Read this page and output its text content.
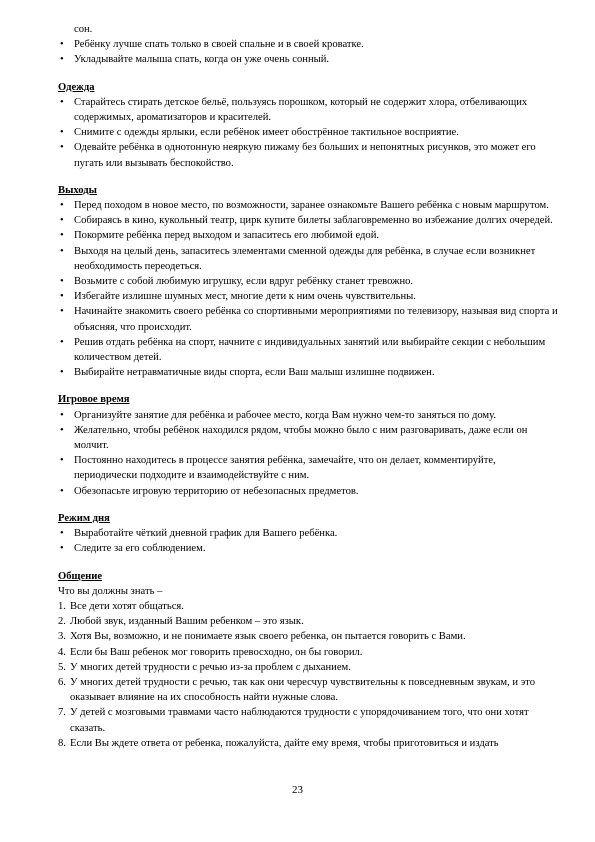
сон.
• Ребёнку лучше спать только в своей спальне и в своей кроватке.
• Укладывайте малыша спать, когда он уже очень сонный.
Одежда
• Старайтесь стирать детское бельё, пользуясь порошком, который не содержит хлора, отбеливающих содержимых, ароматизаторов и красителей.
• Снимите с одежды ярлыки, если ребёнок имеет обострённое тактильное восприятие.
• Одевайте ребёнка в однотонную неяркую пижаму без больших и непонятных рисунков, это может его пугать или вызывать беспокойство.
Выходы
• Перед походом в новое место, по возможности, заранее ознакомьте Вашего ребёнка с новым маршрутом.
• Собираясь в кино, кукольный театр, цирк купите билеты заблаговременно во избежание долгих очередей.
• Покормите ребёнка перед выходом и запаситесь его любимой едой.
• Выходя на целый день, запаситесь элементами сменной одежды для ребёнка, в случае если возникнет необходимость переодеться.
• Возьмите с собой любимую игрушку, если вдруг ребёнку станет тревожно.
• Избегайте излишне шумных мест, многие дети к ним очень чувствительны.
• Начинайте знакомить своего ребёнка со спортивными мероприятиями по телевизору, называя вид спорта и объясняя, что происходит.
• Решив отдать ребёнка на спорт, начните с индивидуальных занятий или выбирайте секции с небольшим количеством детей.
• Выбирайте нетравматичные виды спорта, если Ваш малыш излишне подвижен.
Игровое время
• Организуйте занятие для ребёнка и рабочее место, когда Вам нужно чем-то заняться по дому.
• Желательно, чтобы ребёнок находился рядом, чтобы можно было с ним разговаривать, даже если он молчит.
• Постоянно находитесь в процессе занятия ребёнка, замечайте, что он делает, комментируйте, периодически подходите и взаимодействуйте с ним.
• Обезопасьте игровую территорию от небезопасных предметов.
Режим дня
• Выработайте чёткий дневной график для Вашего ребёнка.
• Следите за его соблюдением.
Общение
Что вы должны знать –
1. Все дети хотят общаться.
2. Любой звук, изданный Вашим ребенком – это язык.
3. Хотя Вы, возможно, и не понимаете язык своего ребенка, он пытается говорить с Вами.
4. Если бы Ваш ребенок мог говорить превосходно, он бы говорил.
5. У многих детей трудности с речью из-за проблем с дыханием.
6. У многих детей трудности с речью, так как они чересчур чувствительны к повседневным звукам, и это оказывает влияние на их способность найти нужные слова.
7. У детей с мозговыми травмами часто наблюдаются трудности с упорядочиванием того, что они хотят сказать.
8. Если Вы ждете ответа от ребенка, пожалуйста, дайте ему время, чтобы приготовиться и издать
23
